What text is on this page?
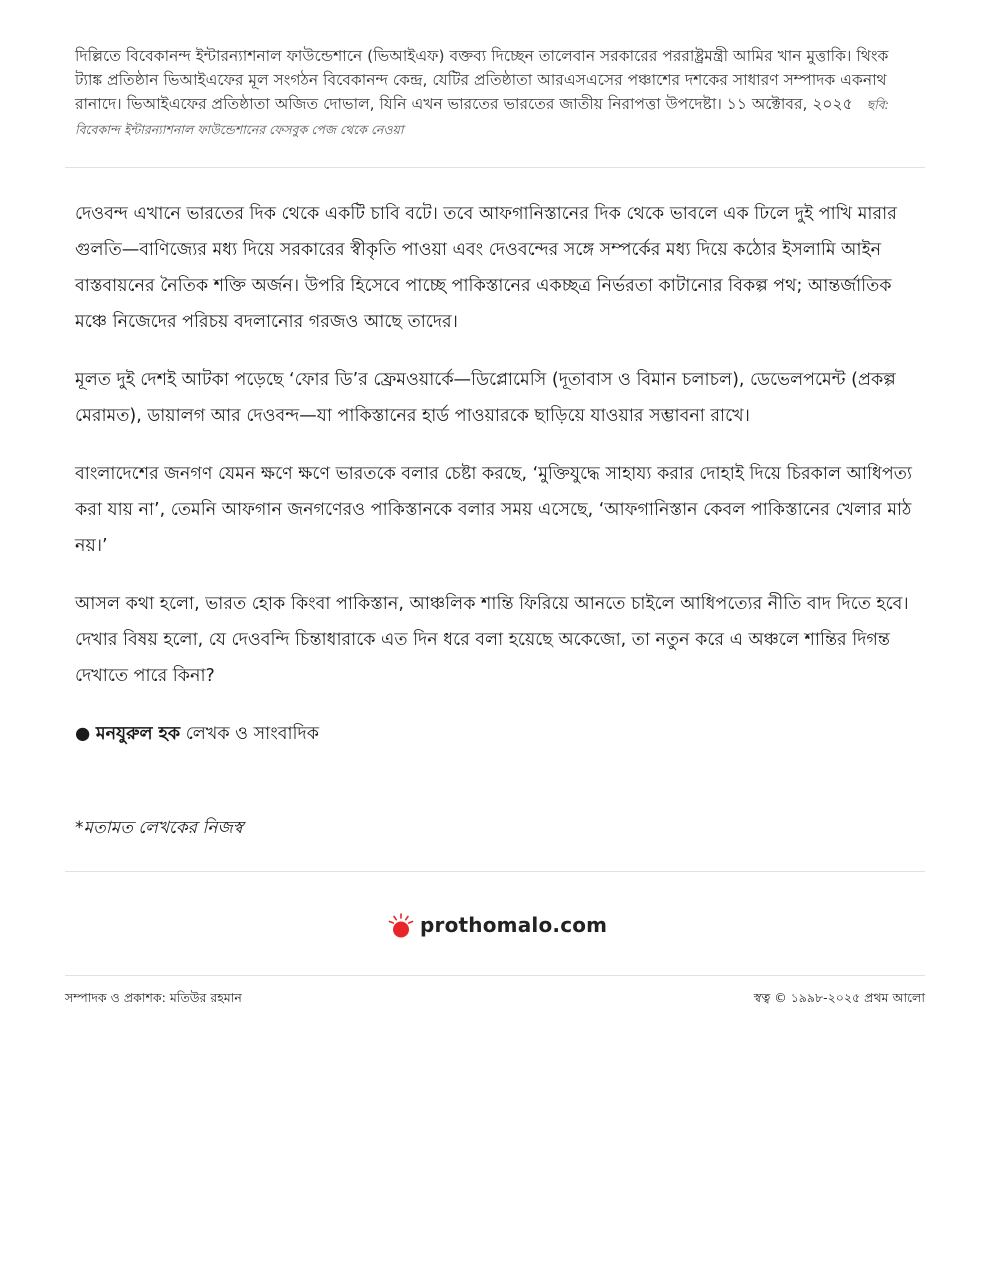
দিল্লিতে বিবেকানন্দ ইন্টারন্যাশনাল ফাউন্ডেশানে (ভিআইএফ) বক্তব্য দিচ্ছেন তালেবান সরকারের পররাষ্ট্রমন্ত্রী আমির খান মুত্তাকি। থিংক ট্যাঙ্ক প্রতিষ্ঠান ভিআইএফের মূল সংগঠন বিবেকানন্দ কেন্দ্র, যেটির প্রতিষ্ঠাতা আরএসএসের পঞ্চাশের দশকের সাধারণ সম্পাদক একনাথ রানাদে। ভিআইএফের প্রতিষ্ঠাতা অজিত দোভাল, যিনি এখন ভারতের ভারতের জাতীয় নিরাপত্তা উপদেষ্টা। ১১ অক্টোবর, ২০২৫ ছবি: বিবেকান্দ ইন্টারন্যাশনাল ফাউন্ডেশানের ফেসবুক পেজ থেকে নেওয়া

দেওবন্দ এখানে ভারতের দিক থেকে একটি চাবি বটে। তবে আফগানিস্তানের দিক থেকে ভাবলে এক ঢিলে দুই পাখি মারার গুলতি—বাণিজ্যের মধ্য দিয়ে সরকারের স্বীকৃতি পাওয়া এবং দেওবন্দের সঙ্গে সম্পর্কের মধ্য দিয়ে কঠোর ইসলামি আইন বাস্তবায়নের নৈতিক শক্তি অর্জন। উপরি হিসেবে পাচ্ছে পাকিস্তানের একচ্ছত্র নির্ভরতা কাটানোর বিকল্প পথ; আন্তর্জাতিক মঞ্চে নিজেদের পরিচয় বদলানোর গরজও আছে তাদের।

মূলত দুই দেশই আটকা পড়েছে ‘ফোর ডি’র ফ্রেমওয়ার্কে—ডিপ্লোমেসি (দূতাবাস ও বিমান চলাচল), ডেভেলপমেন্ট (প্রকল্প মেরামত), ডায়ালগ আর দেওবন্দ—যা পাকিস্তানের হার্ড পাওয়ারকে ছাড়িয়ে যাওয়ার সম্ভাবনা রাখে।

বাংলাদেশের জনগণ যেমন ক্ষণে ক্ষণে ভারতকে বলার চেষ্টা করছে, ‘মুক্তিযুদ্ধে সাহায্য করার দোহাই দিয়ে চিরকাল আধিপত্য করা যায় না’, তেমনি আফগান জনগণেরও পাকিস্তানকে বলার সময় এসেছে, ‘আফগানিস্তান কেবল পাকিস্তানের খেলার মাঠ নয়।’

আসল কথা হলো, ভারত হোক কিংবা পাকিস্তান, আঞ্চলিক শান্তি ফিরিয়ে আনতে চাইলে আধিপত্যের নীতি বাদ দিতে হবে। দেখার বিষয় হলো, যে দেওবন্দি চিন্তাধারাকে এত দিন ধরে বলা হয়েছে অকেজো, তা নতুন করে এ অঞ্চলে শান্তির দিগন্ত দেখাতে পারে কিনা?

● মনযুরুল হক লেখক ও সাংবাদিক

*মতামত লেখকের নিজস্ব
prothomalo.com
সম্পাদক ও প্রকাশক: মতিউর রহমান	স্বত্ব © ১৯৯৮-২০২৫ প্রথম আলো
